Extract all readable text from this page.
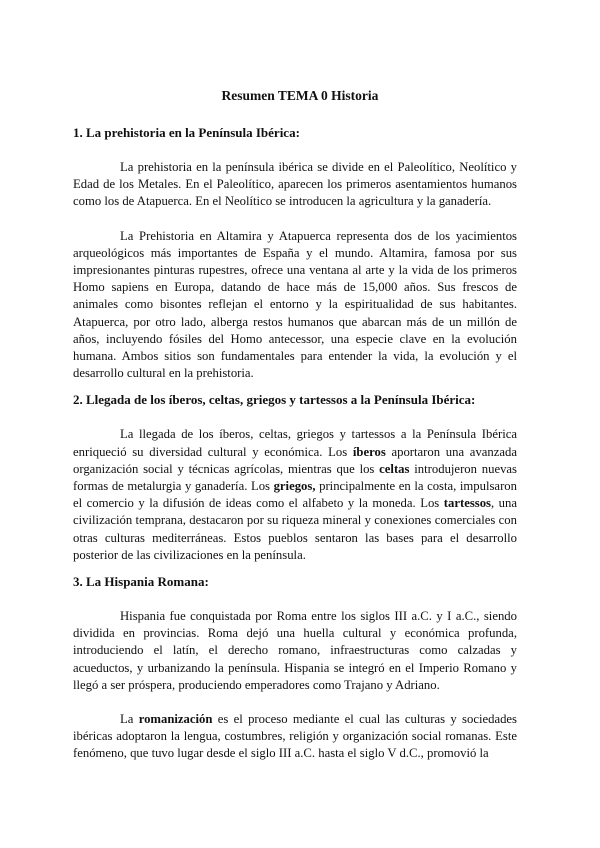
Resumen TEMA 0 Historia
1. La prehistoria en la Península Ibérica:

La prehistoria en la península ibérica se divide en el Paleolítico, Neolítico y Edad de los Metales. En el Paleolítico, aparecen los primeros asentamientos humanos como los de Atapuerca. En el Neolítico se introducen la agricultura y la ganadería.

La Prehistoria en Altamira y Atapuerca representa dos de los yacimientos arqueológicos más importantes de España y el mundo. Altamira, famosa por sus impresionantes pinturas rupestres, ofrece una ventana al arte y la vida de los primeros Homo sapiens en Europa, datando de hace más de 15,000 años. Sus frescos de animales como bisontes reflejan el entorno y la espiritualidad de sus habitantes. Atapuerca, por otro lado, alberga restos humanos que abarcan más de un millón de años, incluyendo fósiles del Homo antecessor, una especie clave en la evolución humana. Ambos sitios son fundamentales para entender la vida, la evolución y el desarrollo cultural en la prehistoria.

2. Llegada de los íberos, celtas, griegos y tartessos a la Península Ibérica:

La llegada de los íberos, celtas, griegos y tartessos a la Península Ibérica enriqueció su diversidad cultural y económica. Los íberos aportaron una avanzada organización social y técnicas agrícolas, mientras que los celtas introdujeron nuevas formas de metalurgia y ganadería. Los griegos, principalmente en la costa, impulsaron el comercio y la difusión de ideas como el alfabeto y la moneda. Los tartessos, una civilización temprana, destacaron por su riqueza mineral y conexiones comerciales con otras culturas mediterráneas. Estos pueblos sentaron las bases para el desarrollo posterior de las civilizaciones en la península.

3. La Hispania Romana:

Hispania fue conquistada por Roma entre los siglos III a.C. y I a.C., siendo dividida en provincias. Roma dejó una huella cultural y económica profunda, introduciendo el latín, el derecho romano, infraestructuras como calzadas y acueductos, y urbanizando la península. Hispania se integró en el Imperio Romano y llegó a ser próspera, produciendo emperadores como Trajano y Adriano.

La romanización es el proceso mediante el cual las culturas y sociedades ibéricas adoptaron la lengua, costumbres, religión y organización social romanas. Este fenómeno, que tuvo lugar desde el siglo III a.C. hasta el siglo V d.C., promovió la
